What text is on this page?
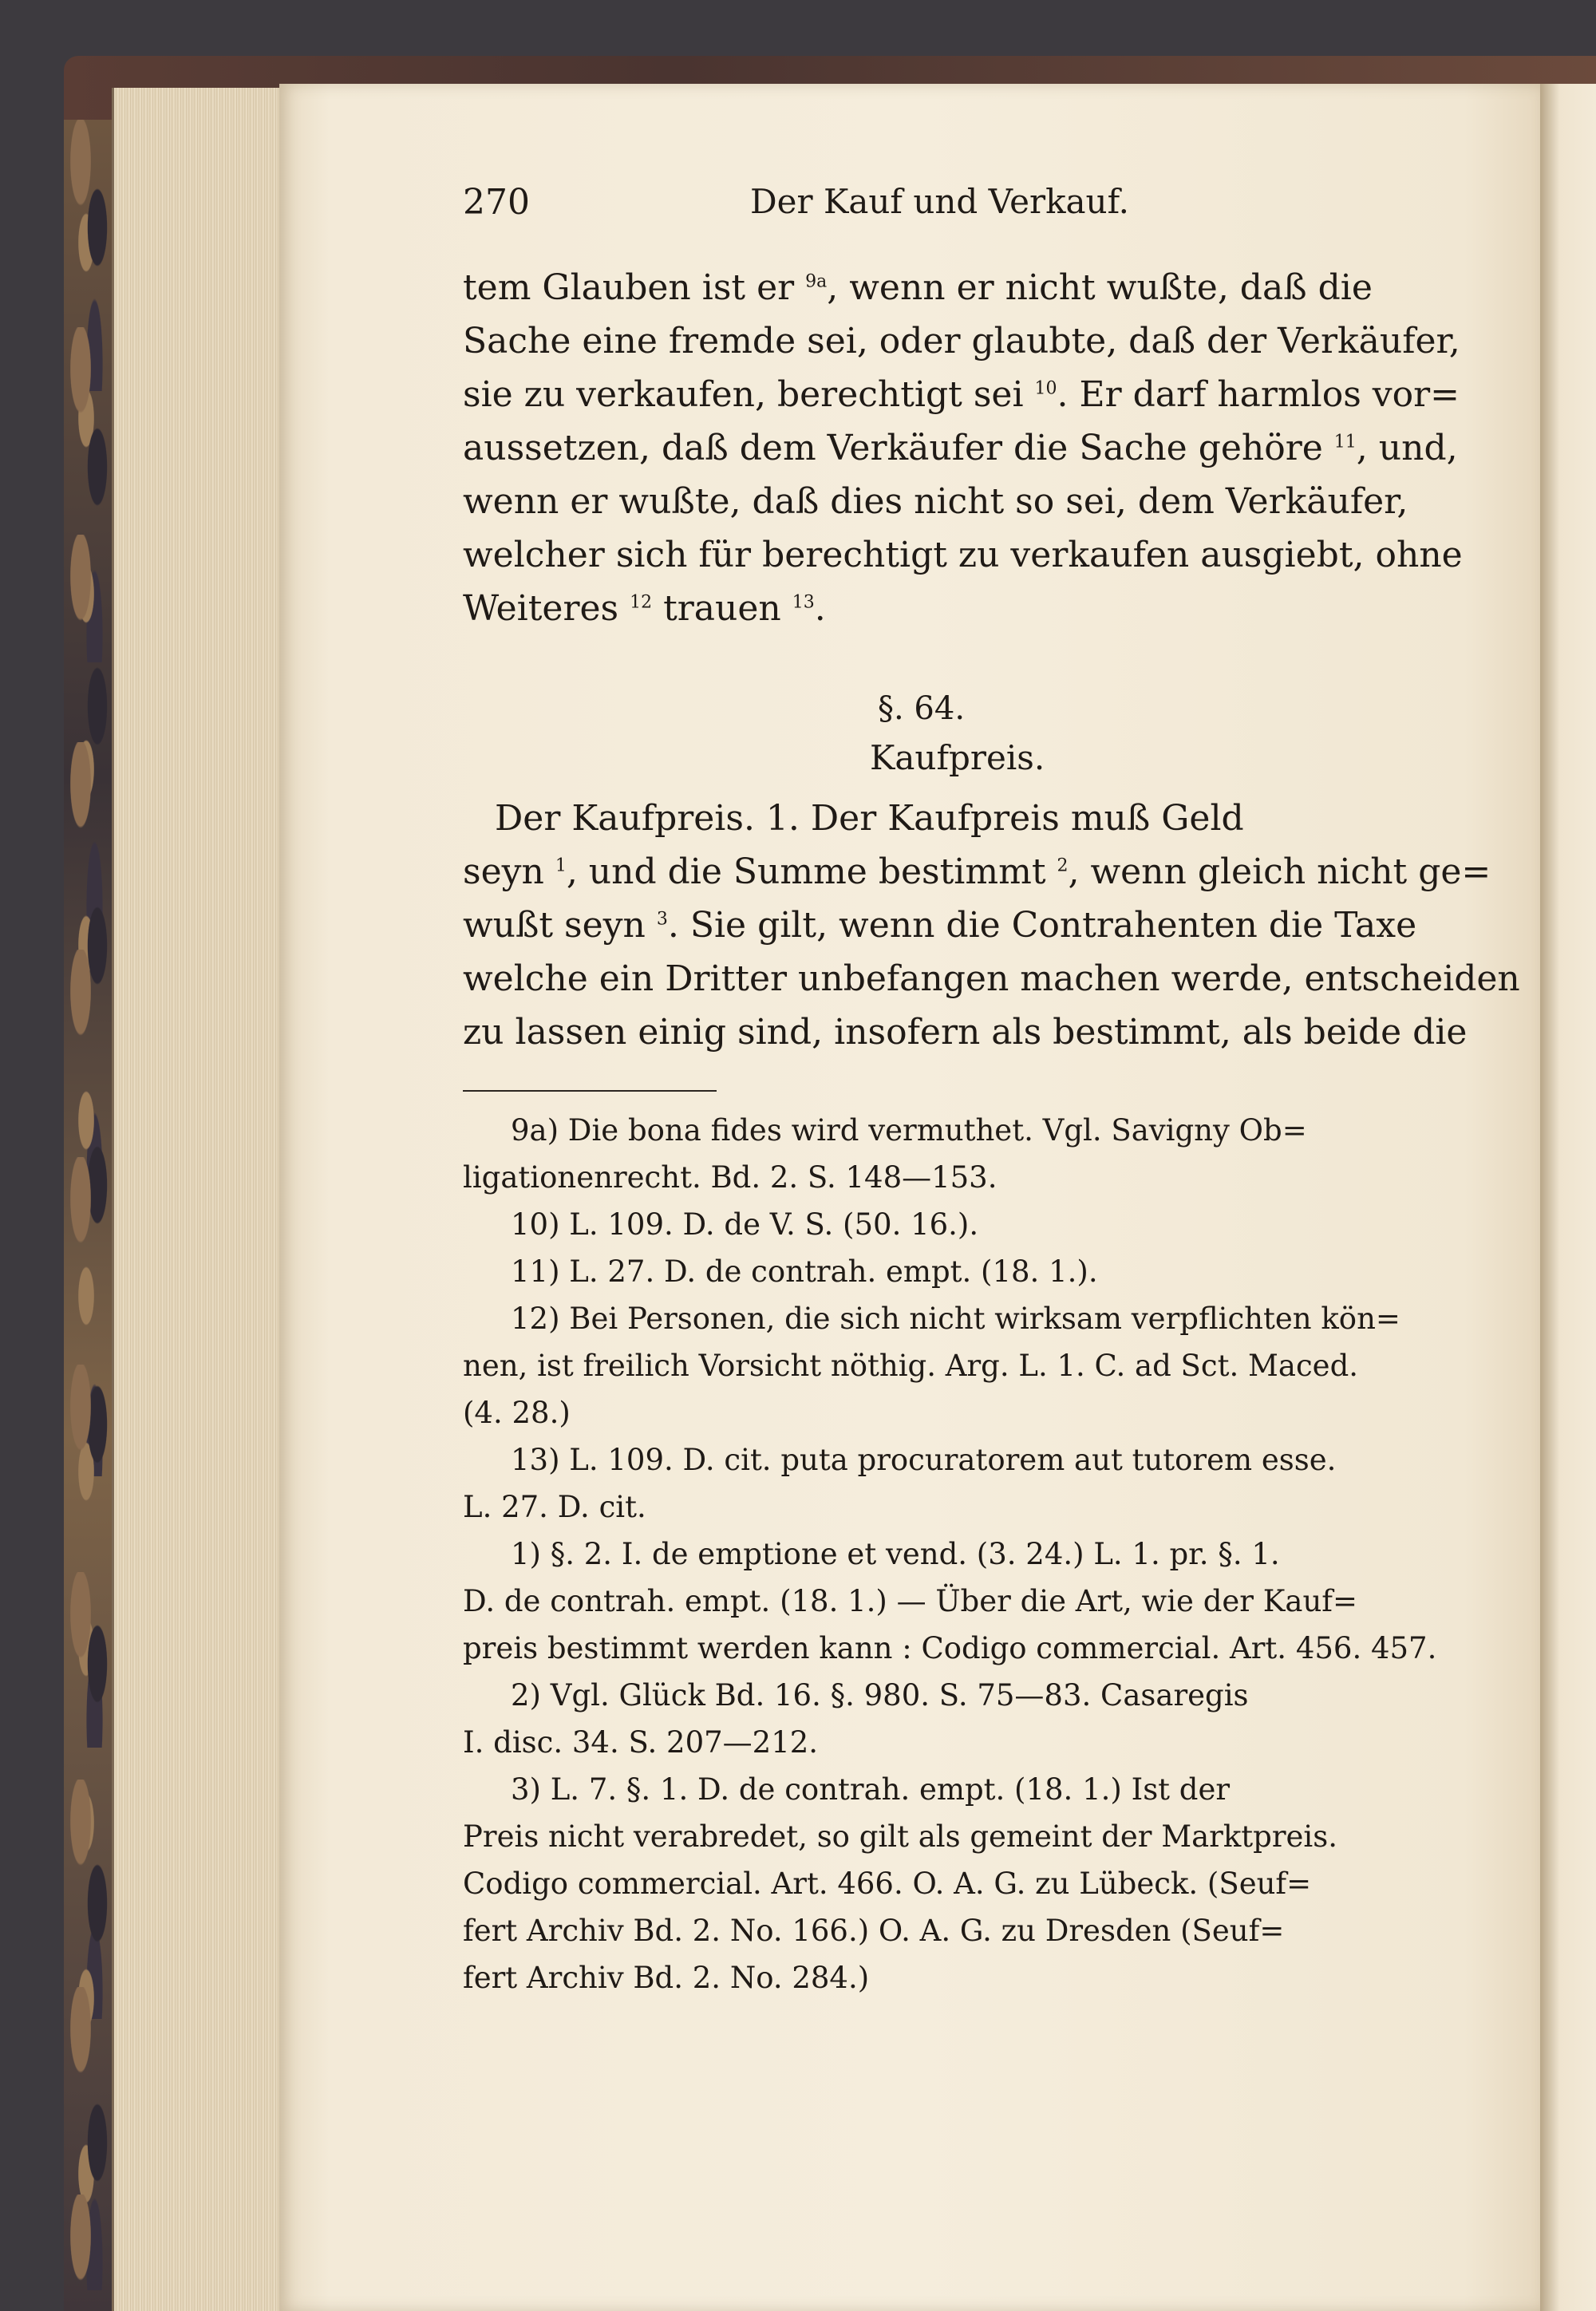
270	Der Kauf und Verkauf.
tem Glauben ist er $^{9a}$, wenn er nicht wußte, daß die
Sache eine fremde sei, oder glaubte, daß der Verkäufer,
sie zu verkaufen, berechtigt sei $^{10}$. Er darf harmlos vor=
aussetzen, daß dem Verkäufer die Sache gehöre $^{11}$, und,
wenn er wußte, daß dies nicht so sei, dem Verkäufer,
welcher sich für berechtigt zu verkaufen ausgiebt, ohne
Weiteres $^{12}$ trauen $^{13}$.
§. 64.
Kaufpreis.
Der Kaufpreis. 1. Der Kaufpreis muß Geld
seyn $^1$, und die Summe bestimmt $^2$, wenn gleich nicht ge=
wußt seyn $^3$. Sie gilt, wenn die Contrahenten die Taxe
welche ein Dritter unbefangen machen werde, entscheiden
zu lassen einig sind, insofern als bestimmt, als beide die
9a) Die bona fides wird vermuthet. Vgl. Savigny Ob=
ligationenrecht. Bd. 2. S. 148—153.
10) L. 109. D. de V. S. (50. 16.).
11) L. 27. D. de contrah. empt. (18. 1.).
12) Bei Personen, die sich nicht wirksam verpflichten kön=
nen, ist freilich Vorsicht nöthig. Arg. L. 1. C. ad Sct. Maced.
(4. 28.)
13) L. 109. D. cit. puta procuratorem aut tutorem esse.
L. 27. D. cit.
1) §. 2. I. de emptione et vend. (3. 24.) L. 1. pr. §. 1.
D. de contrah. empt. (18. 1.) — Über die Art, wie der Kauf=
preis bestimmt werden kann : Codigo commercial. Art. 456. 457.
2) Vgl. Glück Bd. 16. §. 980. S. 75—83. Casaregis
I. disc. 34. S. 207—212.
3) L. 7. §. 1. D. de contrah. empt. (18. 1.) Ist der
Preis nicht verabredet, so gilt als gemeint der Marktpreis.
Codigo commercial. Art. 466. O. A. G. zu Lübeck. (Seuf=
fert Archiv Bd. 2. No. 166.) O. A. G. zu Dresden (Seuf=
fert Archiv Bd. 2. No. 284.)
